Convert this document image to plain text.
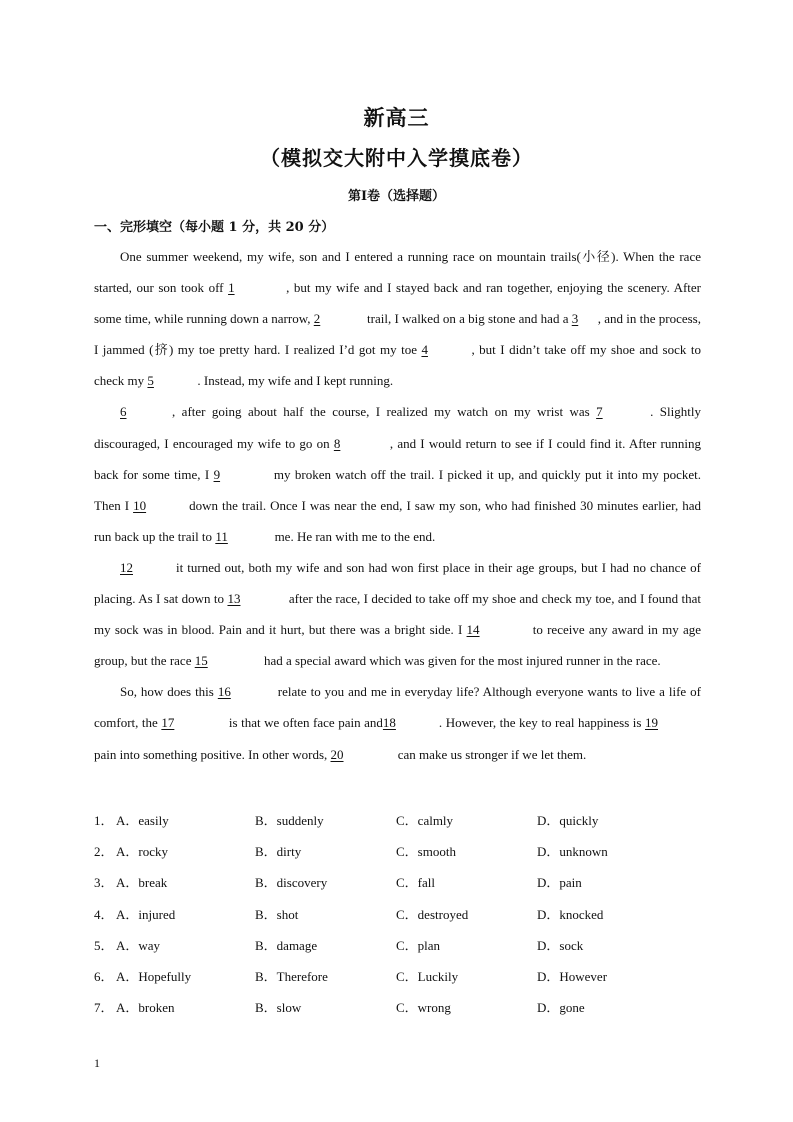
新高三
（模拟交大附中入学摸底卷）
第Ⅰ卷（选择题）
一、完形填空（每小题 1 分，共 20 分）

One summer weekend, my wife, son and I entered a running race on mountain trails(小径). When the race started, our son took off 1	, but my wife and I stayed back and ran together, enjoying the scenery. After some time, while running down a narrow, 2	trail, I walked on a big stone and had a 3 , and in the process, I jammed (挤) my toe pretty hard. I realized I’d got my toe 4	, but I didn’t take off my shoe and sock to check my 5	. Instead, my wife and I kept running.

6	, after going about half the course, I realized my watch on my wrist was 7	. Slightly discouraged, I encouraged my wife to go on 8	, and I would return to see if I could find it. After running back for some time, I 9	my broken watch off the trail. I picked it up, and quickly put it into my pocket. Then I 10	down the trail. Once I was near the end, I saw my son, who had finished 30 minutes earlier, had run back up the trail to 11	me. He ran with me to the end.

12	it turned out, both my wife and son had won first place in their age groups, but I had no chance of placing. As I sat down to 13	after the race, I decided to take off my shoe and check my toe, and I found that my sock was in blood. Pain and it hurt, but there was a bright side. I 14	to receive any award in my age group, but the race 15	had a special award which was given for the most injured runner in the race.

So, how does this 16	relate to you and me in everyday life? Although everyone wants to live a life of comfort, the 17	is that we often face pain and18	. However, the key to real happiness is 19 pain into something positive. In other words, 20	can make us stronger if we let them.

1． A．easily	B．suddenly	C．calmly	D．quickly
2． A．rocky	B．dirty	C．smooth	D．unknown
3． A．break	B．discovery	C．fall	D．pain
4． A．injured	B．shot	C．destroyed	D．knocked
5． A．way	B．damage	C．plan	D．sock
6． A．Hopefully	B．Therefore	C．Luckily	D．However
7． A．broken	B．slow	C．wrong	D．gone
1
